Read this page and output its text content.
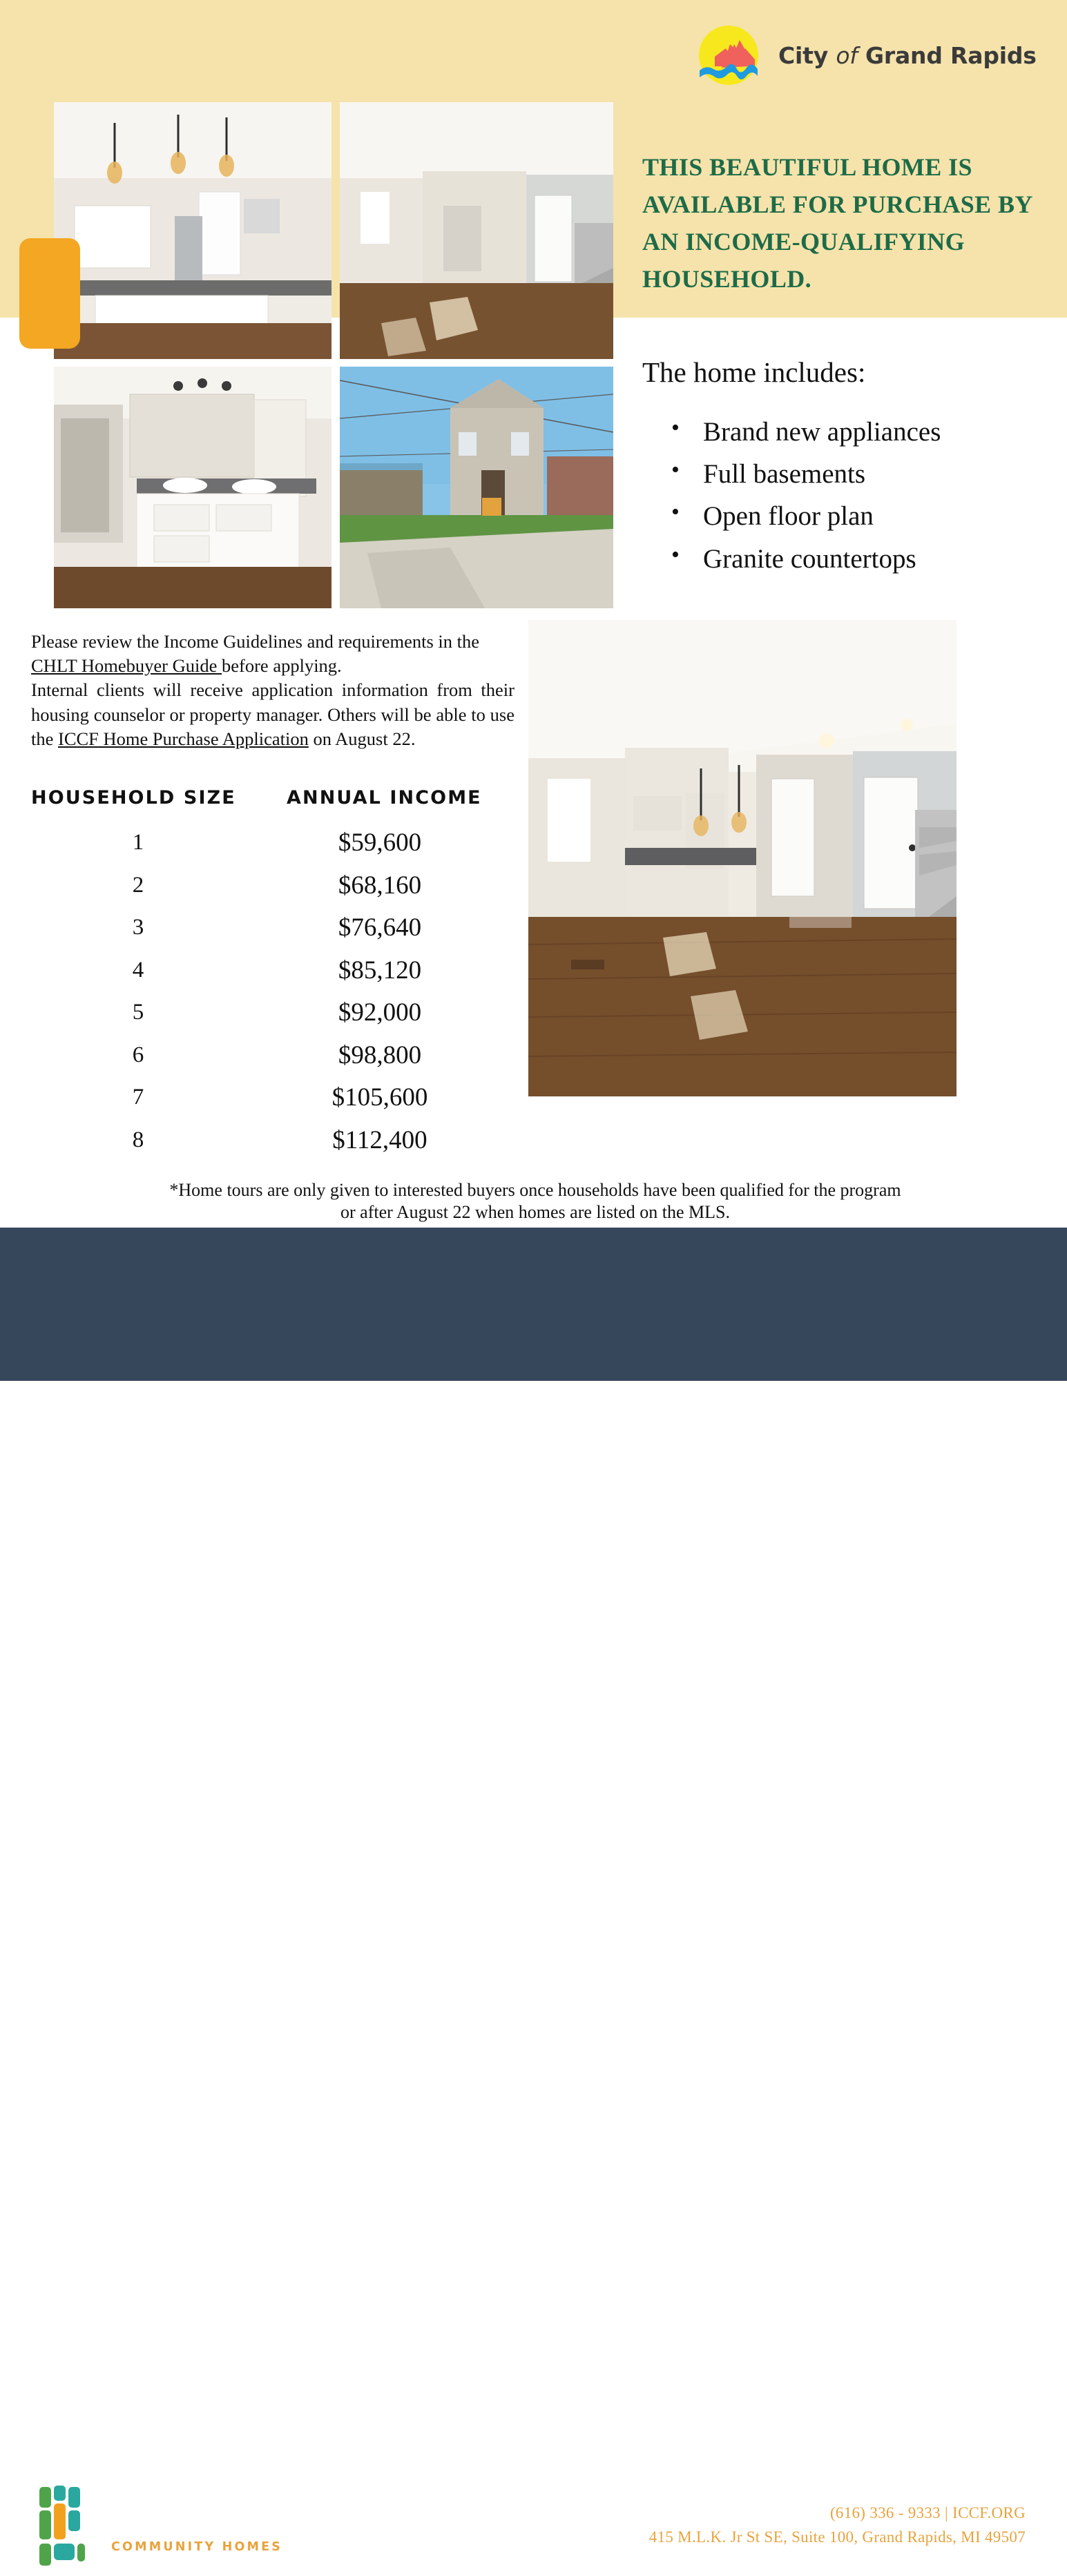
City of Grand Rapids
THIS BEAUTIFUL HOME IS AVAILABLE FOR PURCHASE BY AN INCOME-QUALIFYING HOUSEHOLD.
The home includes:
• Brand new appliances
• Full basements
• Open floor plan
• Granite countertops
Please review the Income Guidelines and requirements in the CHLT Homebuyer Guide before applying.
Internal clients will receive application information from their housing counselor or property manager. Others will be able to use the ICCF Home Purchase Application on August 22.
HOUSEHOLD SIZE	ANNUAL INCOME
1	$59,600
2	$68,160
3	$76,640
4	$85,120
5	$92,000
6	$98,800
7	$105,600
8	$112,400
*Home tours are only given to interested buyers once households have been qualified for the program
or after August 22 when homes are listed on the MLS.
iccf
COMMUNITY HOMES
(616) 336 - 9333 | ICCF.ORG
415 M.L.K. Jr St SE, Suite 100, Grand Rapids, MI 49507
Equitable Opportunity | Affordable Homes | Thriving Neighborhoods
